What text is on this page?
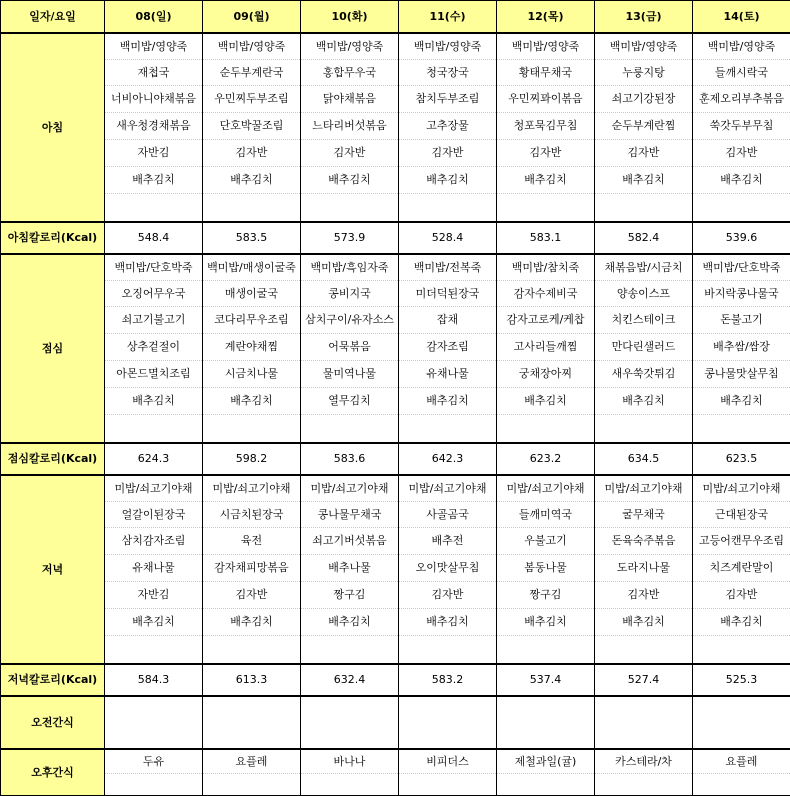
일자/요일	08(일)	09(월)	10(화)	11(수)	12(목)	13(금)	14(토)
아침	백미밥/영양죽	백미밥/영양죽	백미밥/영양죽	백미밥/영양죽	백미밥/영양죽	백미밥/영양죽	백미밥/영양죽
	재첩국	순두부계란국	홍합무우국	청국장국	황태무채국	누룽지탕	들깨시락국
	너비아니야채볶음	우민찌두부조림	닭야채볶음	참치두부조림	우민찌꽈이볶음	쇠고기강된장	훈제오리부추볶음
	새우청경채볶음	단호박꿀조림	느타리버섯볶음	고추장물	청포묵김무침	순두부계란찜	쑥갓두부무침
	자반김	김자반	김자반	김자반	김자반	김자반	김자반
	배추김치	배추김치	배추김치	배추김치	배추김치	배추김치	배추김치

아침칼로리(Kcal)	548.4	583.5	573.9	528.4	583.1	582.4	539.6
점심	백미밥/단호박죽	백미밥/매생이굴죽	백미밥/흑임자죽	백미밥/전복죽	백미밥/참치죽	채볶음밥/시금치	백미밥/단호박죽
	오징어무우국	매생이굴국	콩비지국	미더덕된장국	감자수제비국	양송이스프	바지락콩나물국
	쇠고기불고기	코다리무우조림	삼치구이/유자소스	잡채	감자고로케/케찹	치킨스테이크	돈불고기
	상추겉절이	계란야채찜	어묵볶음	감자조림	고사리들깨찜	만다린샐러드	배추쌈/쌈장
	아몬드멸치조림	시금치나물	물미역나물	유채나물	궁채장아찌	새우쑥갓튀김	콩나물맛살무침
	배추김치	배추김치	열무김치	배추김치	배추김치	배추김치	배추김치

점심칼로리(Kcal)	624.3	598.2	583.6	642.3	623.2	634.5	623.5
저녁	미밥/쇠고기야채	미밥/쇠고기야채	미밥/쇠고기야채	미밥/쇠고기야채	미밥/쇠고기야채	미밥/쇠고기야채	미밥/쇠고기야채
	얼갈이된장국	시금치된장국	콩나물무채국	사골곰국	들깨미역국	굴무채국	근대된장국
	삼치감자조림	육전	쇠고기버섯볶음	배추전	우불고기	돈육숙주볶음	고등어캔무우조림
	유채나물	감자채피망볶음	배추나물	오이맛살무침	봄동나물	도라지나물	치즈계란말이
	자반김	김자반	짱구김	김자반	짱구김	김자반	김자반
	배추김치	배추김치	배추김치	배추김치	배추김치	배추김치	배추김치

저녁칼로리(Kcal)	584.3	613.3	632.4	583.2	537.4	527.4	525.3
오전간식							
오후간식	두유	요플레	바나나	비피더스	제철과일(귤)	카스테라/차	요플레
